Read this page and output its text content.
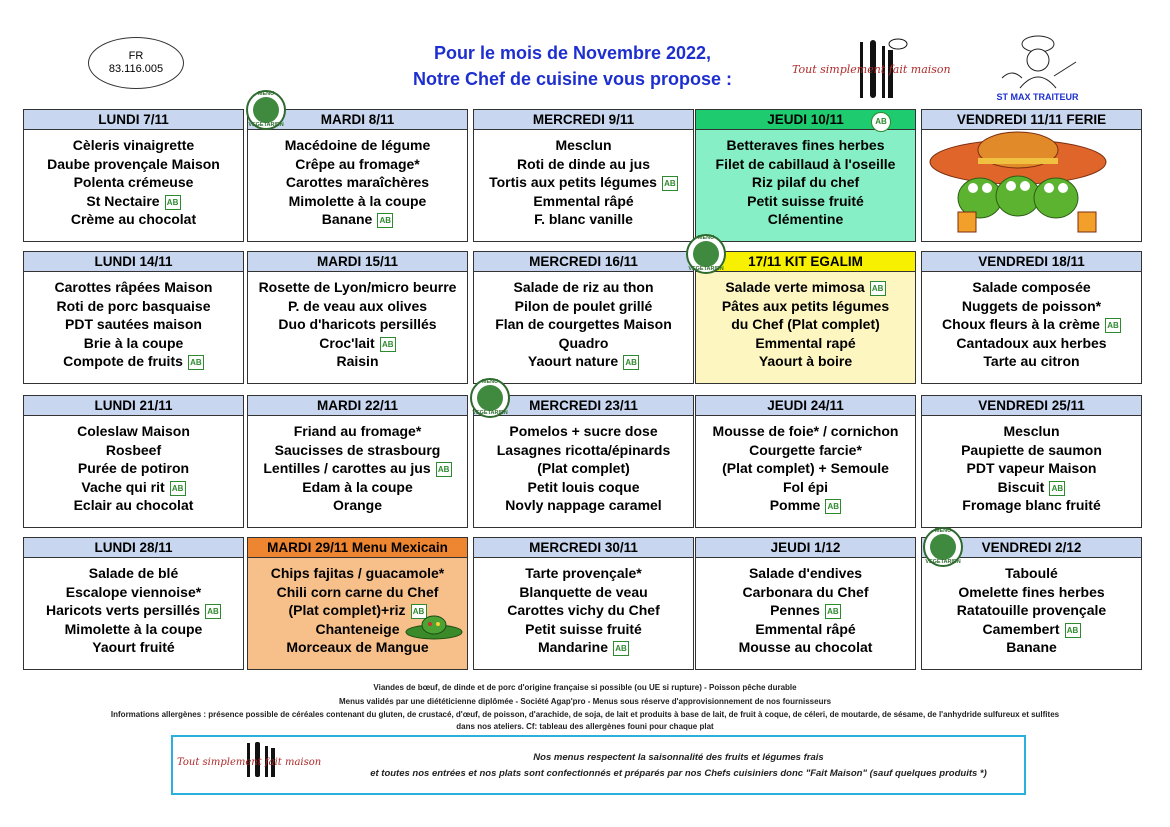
FR
83.116.005
Pour le mois de Novembre 2022,
Notre Chef de cuisine vous propose :	Tout simplement fait maison
ST MAX TRAITEUR
LUNDI 7/11
Cèleris vinaigrette
Daube provençale Maison
Polenta crémeuse
St Nectaire AB
Crème au chocolat
MARDI 8/11
Macédoine de légume
Crêpe au fromage*
Carottes maraîchères
Mimolette à la coupe
Banane AB
MERCREDI 9/11
Mesclun
Roti de dinde au jus
Tortis aux petits légumes AB
Emmental râpé
F. blanc vanille
JEUDI 10/11
Betteraves fines herbes
Filet de cabillaud à l'oseille
Riz pilaf du chef
Petit suisse fruité
Clémentine
VENDREDI 11/11 FERIE
LUNDI 14/11
Carottes râpées Maison
Roti de porc basquaise
PDT sautées maison
Brie à la coupe
Compote de fruits AB
MARDI 15/11
Rosette de Lyon/micro beurre
P. de veau aux olives
Duo d'haricots persillés
Croc'lait AB
Raisin
MERCREDI 16/11
Salade de riz au thon
Pilon de poulet grillé
Flan de courgettes Maison
Quadro
Yaourt nature AB
17/11 KIT EGALIM
Salade verte mimosa AB
Pâtes aux petits légumes
du Chef (Plat complet)
Emmental rapé
Yaourt à boire
VENDREDI 18/11
Salade composée
Nuggets de poisson*
Choux fleurs à la crème AB
Cantadoux aux herbes
Tarte au citron
LUNDI 21/11
Coleslaw Maison
Rosbeef
Purée de potiron
Vache qui rit AB
Eclair au chocolat
MARDI 22/11
Friand au fromage*
Saucisses de strasbourg
Lentilles / carottes au jus AB
Edam à la coupe
Orange
MERCREDI 23/11
Pomelos + sucre dose
Lasagnes ricotta/épinards
(Plat complet)
Petit louis coque
Novly nappage caramel
JEUDI 24/11
Mousse de foie* / cornichon
Courgette farcie*
(Plat complet) + Semoule
Fol épi
Pomme AB
VENDREDI 25/11
Mesclun
Paupiette de saumon
PDT vapeur Maison
Biscuit AB
Fromage blanc fruité
LUNDI 28/11
Salade de blé
Escalope viennoise*
Haricots verts persillés AB
Mimolette à la coupe
Yaourt fruité
MARDI 29/11 Menu Mexicain
Chips fajitas / guacamole*
Chili corn carne du Chef
(Plat complet)+riz AB
Chanteneige
Morceaux de Mangue
MERCREDI 30/11
Tarte provençale*
Blanquette de veau
Carottes vichy du Chef
Petit suisse fruité
Mandarine AB
JEUDI 1/12
Salade d'endives
Carbonara du Chef
Pennes AB
Emmental râpé
Mousse au chocolat
VENDREDI 2/12
Taboulé
Omelette fines herbes
Ratatouille provençale
Camembert AB
Banane
Viandes de bœuf, de dinde et de porc d'origine française si possible (ou UE si rupture) - Poisson pêche durable
Menus validés par une diététicienne diplômée - Société Agap'pro - Menus sous réserve d'approvisionnement de nos fournisseurs
Informations allergènes : présence possible de céréales contenant du gluten, de crustacé, d'œuf, de poisson, d'arachide, de soja, de lait et produits à base de lait, de fruit à coque, de céleri, de moutarde, de sésame, de l'anhydride sulfureux et sulfites
dans nos ateliers. Cf: tableau des allergènes founi pour chaque plat
Tout simplement fait maison	Nos menus respectent la saisonnalité des fruits et légumes frais
et toutes nos entrées et nos plats sont confectionnés et préparés par nos Chefs cuisiniers donc "Fait Maison" (sauf quelques produits *)
MENU
VEGETARIEN
MENU
VEGETARIEN
MENU
VEGETARIEN
MENU
VEGETARIEN
AB
